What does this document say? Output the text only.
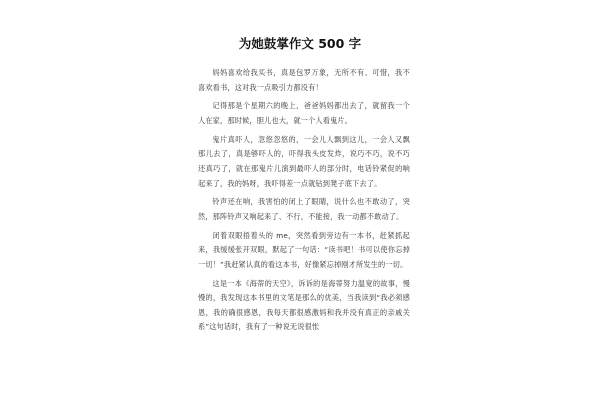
为她鼓掌作文 500 字

妈妈喜欢给我买书，真是包罗万象，无所不有、可惜，我不喜欢看书，这对我一点吸引力都没有！

记得那是个星期六的晚上，爸爸妈妈都出去了，就留我一个人在家，那时候，胆儿也大，就一个人看鬼片。

鬼片真吓人，忽悠忽悠的，一会儿人飘到这儿，一会人又飘那儿去了，真是够吓人的，吓得我头皮发炸，说巧不巧，说不巧还真巧了，就在那鬼片儿演到最吓人的部分时，电话铃紧促的响起来了，我的妈呀，我吓得差一点就钻到凳子底下去了。

铃声还在响，我害怕的闭上了眼睛，说什么也不敢动了，突然，那阵铃声又响起来了、不行，不能接，我一动都不敢动了。

闭着双眼捂着头的 me，突然看到旁边有一本书，赶紧抓起来，我缓缓张开双眼，默起了一句话：“读书吧！书可以使你忘掉一切！”我赶紧认真的看这本书，好像紧忘掉刚才所发生的一切。

这是一本《海蒂的天空》，诉诉的是海蒂努力温宽的故事，慢慢的，我发现这本书里的文笔是那么的优美，当我读到“我必须感恩，我的确很感恩，我每天都很感激妈和我并没有真正的亲戚关系”这句话时，我有了一种说无说很怅
